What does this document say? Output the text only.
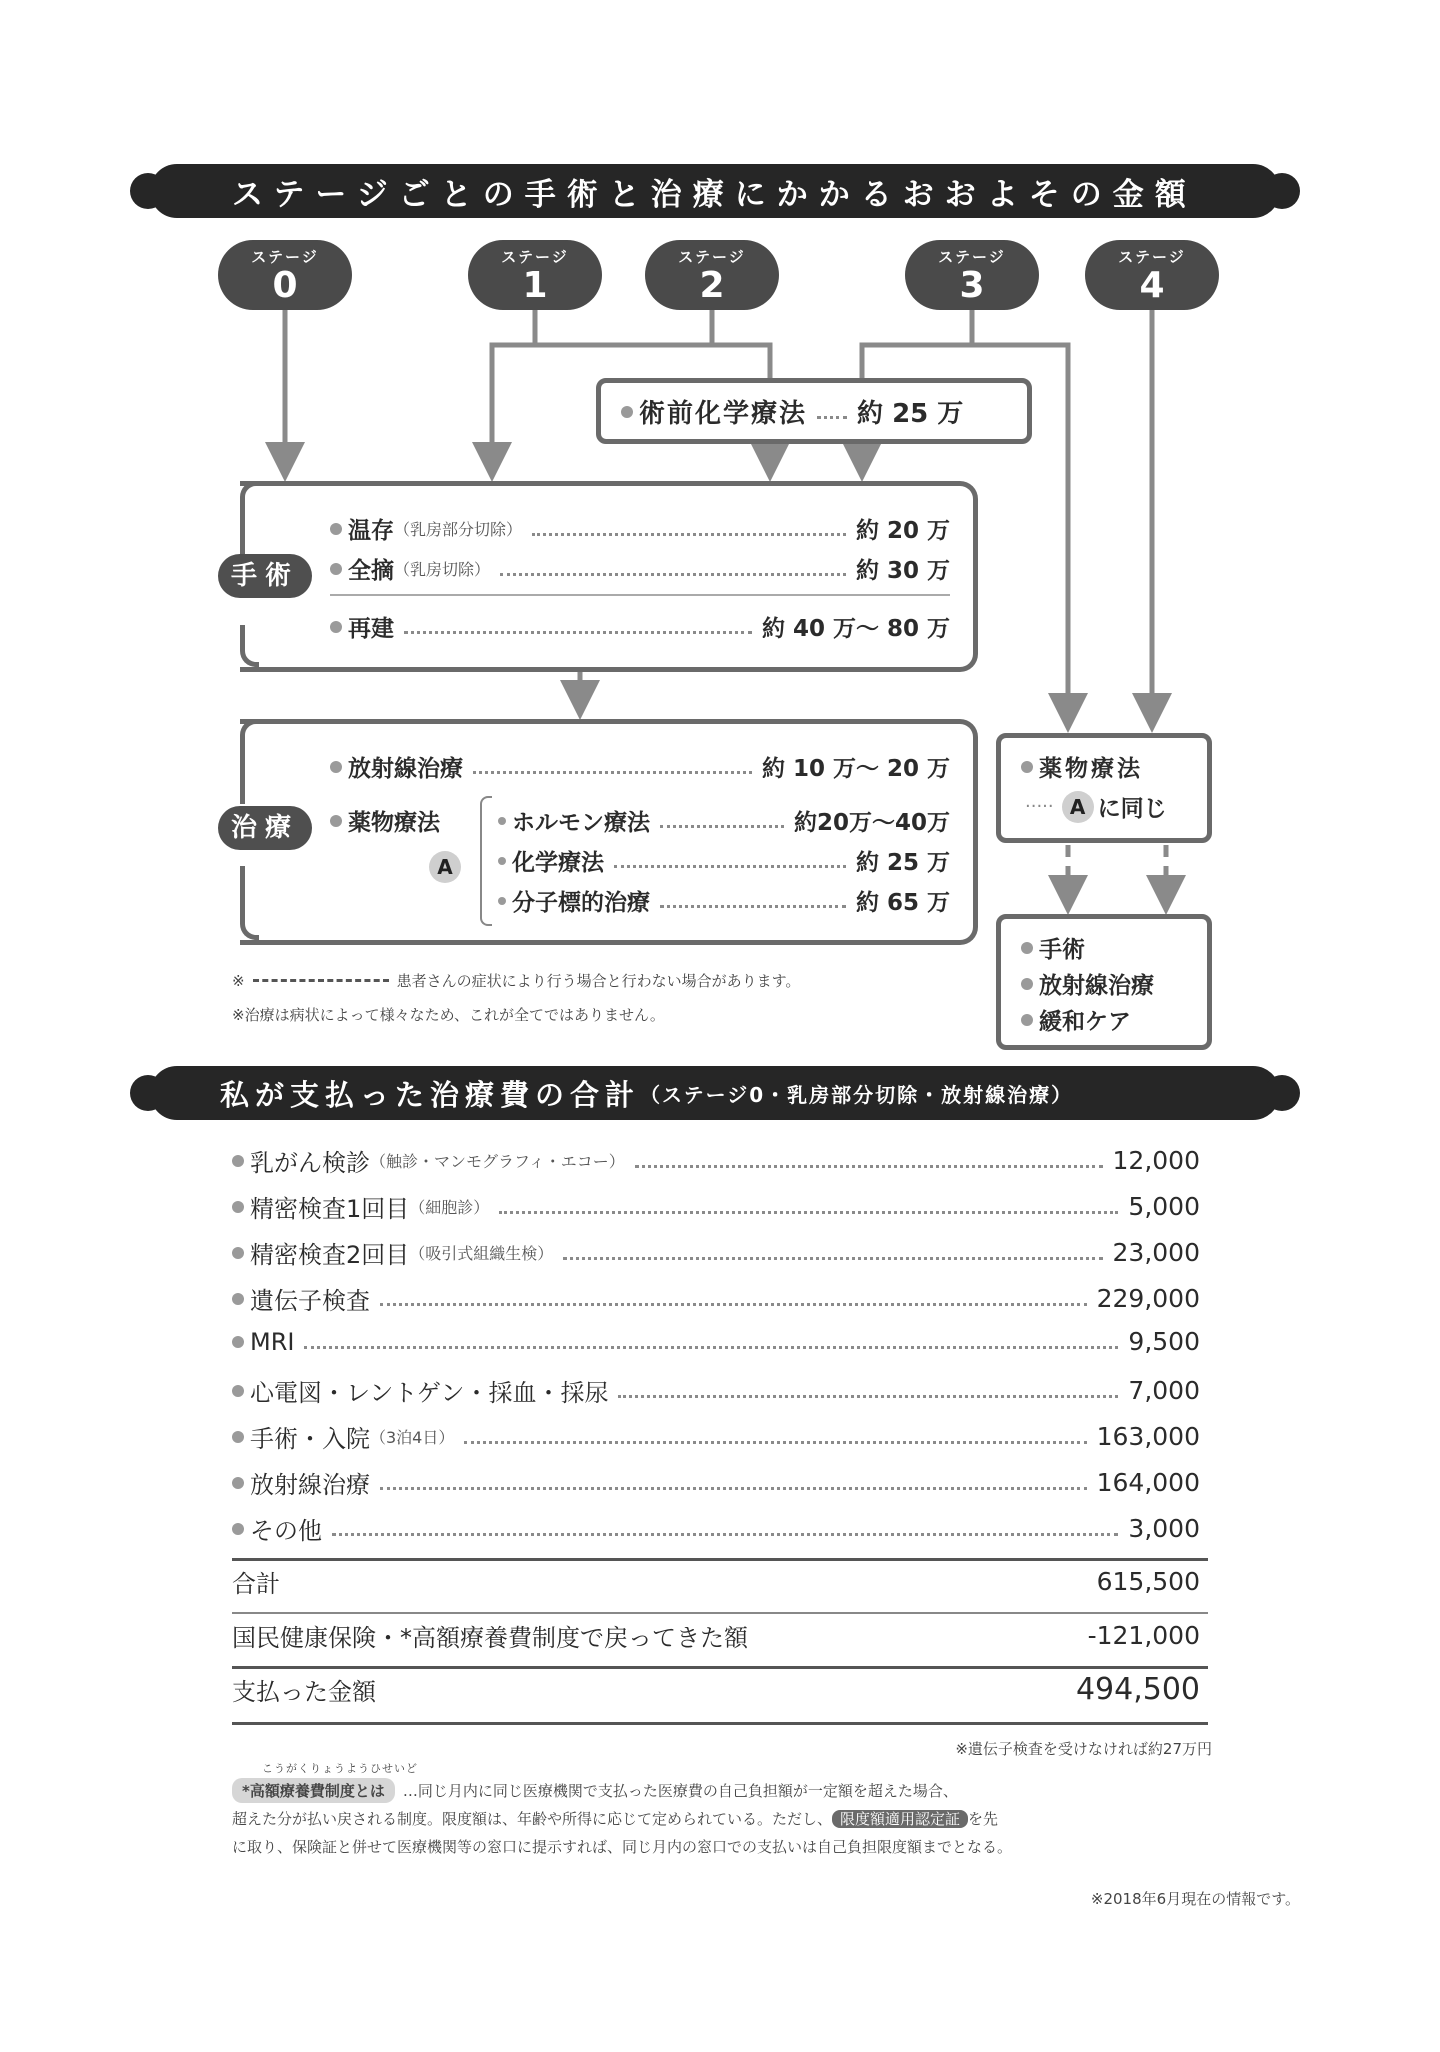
ステージごとの手術と治療にかかるおおよその金額
ステージ
0
ステージ
1
ステージ
2
ステージ
3
ステージ
4
術前化学療法 約 25 万
温存 （乳房部分切除）	約 20 万
全摘 （乳房切除）	約 30 万
再建	約 40 万〜 80 万
手術
放射線治療	約 10 万〜 20 万
薬物療法
A
ホルモン療法	約20万〜40万
化学療法	約 25 万
分子標的治療	約 65 万
治療
薬物療法
····· A に同じ
手術
放射線治療
緩和ケア
※	患者さんの症状により行う場合と行わない場合があります。
※治療は病状によって様々なため、これが全てではありません。
私が支払った治療費の合計 （ステージ0・乳房部分切除・放射線治療）
乳がん検診 （触診・マンモグラフィ・エコー）	12,000
精密検査1回目 （細胞診）	5,000
精密検査2回目 （吸引式組織生検）	23,000
遺伝子検査	229,000
MRI	9,500
心電図・レントゲン・採血・採尿	7,000
手術・入院 （3泊4日）	163,000
放射線治療	164,000
その他	3,000
合計	615,500
国民健康保険・*高額療養費制度で戻ってきた額	-121,000
支払った金額	494,500
※遺伝子検査を受けなければ約27万円
こうがくりょうようひせいど
*高額療養費制度とは	…同じ月内に同じ医療機関で支払った医療費の自己負担額が一定額を超えた場合、
超えた分が払い戻される制度。限度額は、年齢や所得に応じて定められている。ただし、 限度額適用認定証 を先
に取り、保険証と併せて医療機関等の窓口に提示すれば、同じ月内の窓口での支払いは自己負担限度額までとなる。
※2018年6月現在の情報です。
